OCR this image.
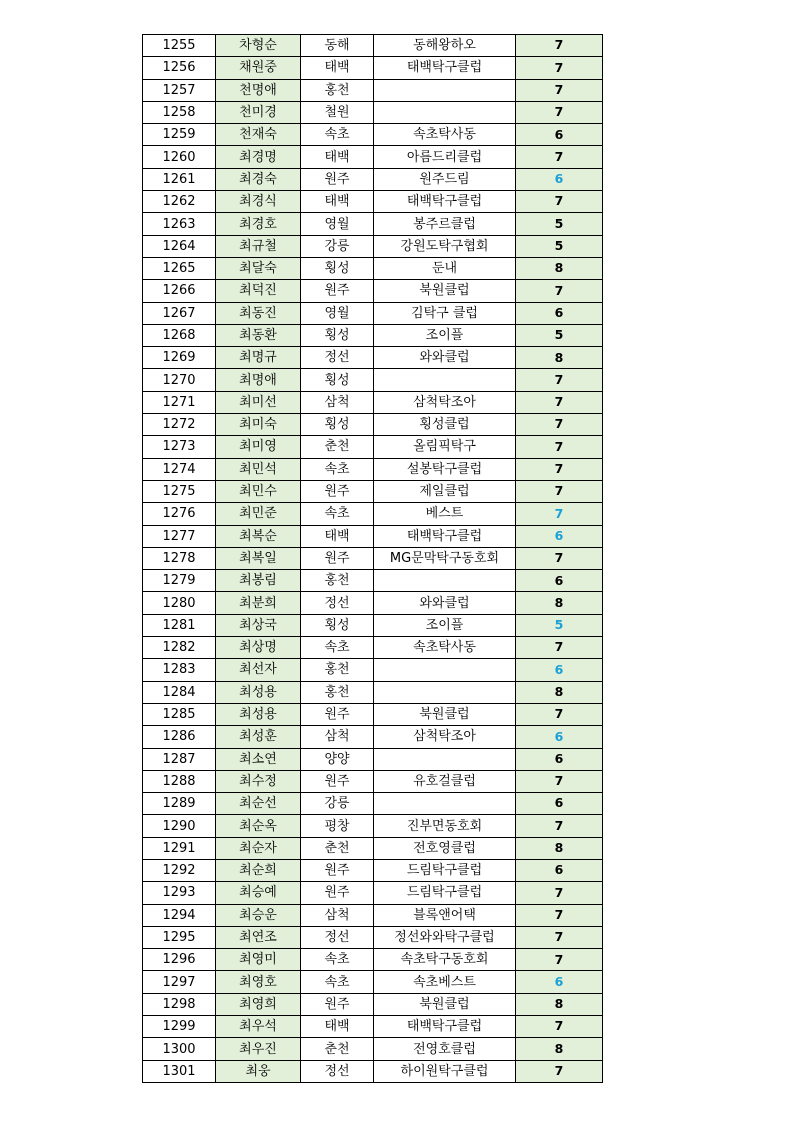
1255	차형순	동해	동해왕하오	7
1256	채원중	태백	태백탁구클럽	7
1257	천명애	홍천		7
1258	천미경	철원		7
1259	천재숙	속초	속초탁사동	6
1260	최경명	태백	아름드리클럽	7
1261	최경숙	원주	원주드림	6
1262	최경식	태백	태백탁구클럽	7
1263	최경호	영월	봉주르클럽	5
1264	최규철	강릉	강원도탁구협회	5
1265	최달숙	횡성	둔내	8
1266	최덕진	원주	북원클럽	7
1267	최동진	영월	김탁구 클럽	6
1268	최동환	횡성	조이플	5
1269	최명규	정선	와와클럽	8
1270	최명애	횡성		7
1271	최미선	삼척	삼척탁조아	7
1272	최미숙	횡성	횡성클럽	7
1273	최미영	춘천	올림픽탁구	7
1274	최민석	속초	설봉탁구클럽	7
1275	최민수	원주	제일클럽	7
1276	최민준	속초	베스트	7
1277	최복순	태백	태백탁구클럽	6
1278	최복일	원주	MG문막탁구동호회	7
1279	최봉림	홍천		6
1280	최분희	정선	와와클럽	8
1281	최상국	횡성	조이플	5
1282	최상명	속초	속초탁사동	7
1283	최선자	홍천		6
1284	최성용	홍천		8
1285	최성용	원주	북원클럽	7
1286	최성훈	삼척	삼척탁조아	6
1287	최소연	양양		6
1288	최수정	원주	유호걸클럽	7
1289	최순선	강릉		6
1290	최순옥	평창	진부면동호회	7
1291	최순자	춘천	전호영클럽	8
1292	최순희	원주	드림탁구클럽	6
1293	최승예	원주	드림탁구클럽	7
1294	최승운	삼척	블록앤어택	7
1295	최연조	정선	정선와와탁구클럽	7
1296	최영미	속초	속초탁구동호회	7
1297	최영호	속초	속초베스트	6
1298	최영희	원주	북원클럽	8
1299	최우석	태백	태백탁구클럽	7
1300	최우진	춘천	전영호클럽	8
1301	최웅	정선	하이원탁구클럽	7
